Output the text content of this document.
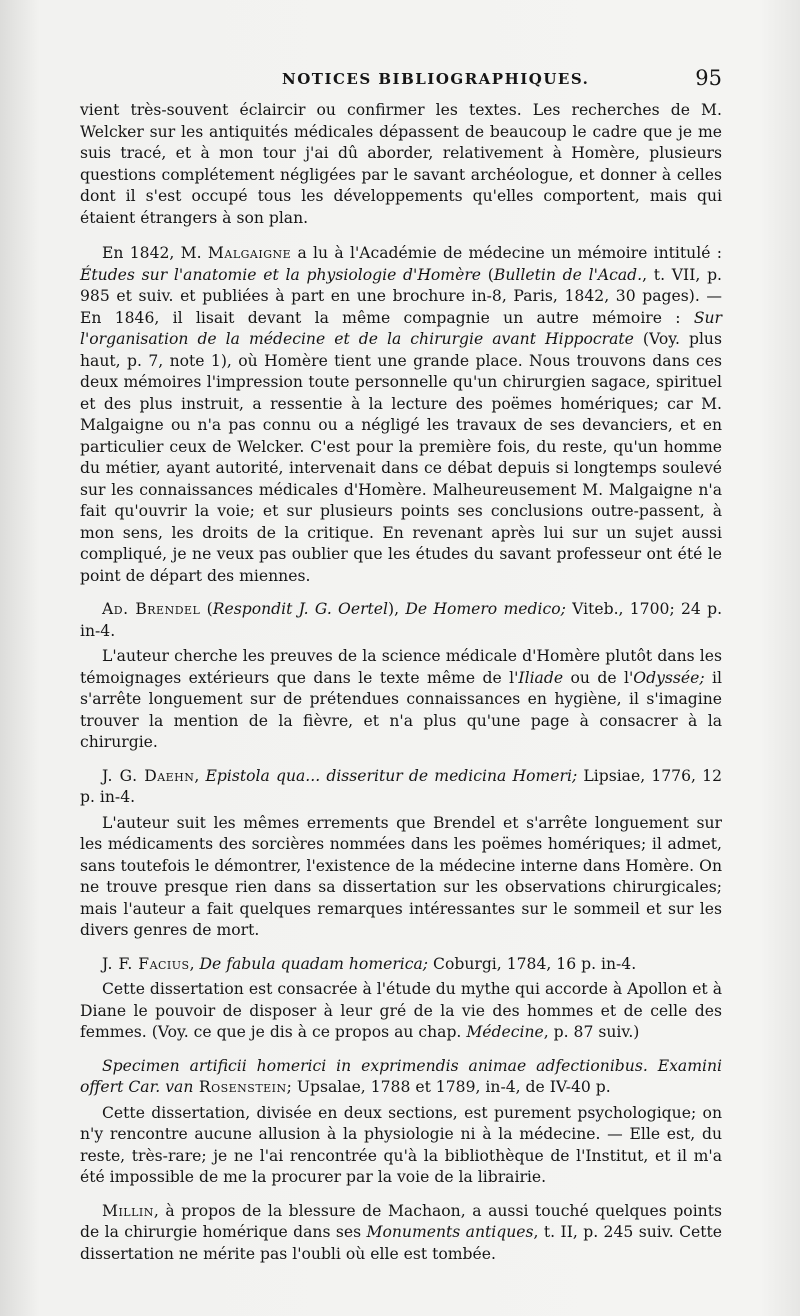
NOTICES BIBLIOGRAPHIQUES.	95

vient très-souvent éclaircir ou confirmer les textes. Les recherches de M. Welcker sur les antiquités médicales dépassent de beaucoup le cadre que je me suis tracé, et à mon tour j'ai dû aborder, relativement à Homère, plusieurs questions complétement négligées par le savant archéologue, et donner à celles dont il s'est occupé tous les développements qu'elles comportent, mais qui étaient étrangers à son plan.

En 1842, M. Malgaigne a lu à l'Académie de médecine un mémoire intitulé : Études sur l'anatomie et la physiologie d'Homère (Bulletin de l'Acad., t. VII, p. 985 et suiv. et publiées à part en une brochure in-8, Paris, 1842, 30 pages). — En 1846, il lisait devant la même compagnie un autre mémoire : Sur l'organisation de la médecine et de la chirurgie avant Hippocrate (Voy. plus haut, p. 7, note 1), où Homère tient une grande place. Nous trouvons dans ces deux mémoires l'impression toute personnelle qu'un chirurgien sagace, spirituel et des plus instruit, a ressentie à la lecture des poëmes homériques; car M. Malgaigne ou n'a pas connu ou a négligé les travaux de ses devanciers, et en particulier ceux de Welcker. C'est pour la première fois, du reste, qu'un homme du métier, ayant autorité, intervenait dans ce débat depuis si longtemps soulevé sur les connaissances médicales d'Homère. Malheureusement M. Malgaigne n'a fait qu'ouvrir la voie; et sur plusieurs points ses conclusions outre-passent, à mon sens, les droits de la critique. En revenant après lui sur un sujet aussi compliqué, je ne veux pas oublier que les études du savant professeur ont été le point de départ des miennes.

Ad. Brendel (Respondit J. G. Oertel), De Homero medico; Viteb., 1700; 24 p. in-4.

L'auteur cherche les preuves de la science médicale d'Homère plutôt dans les témoignages extérieurs que dans le texte même de l'Iliade ou de l'Odyssée; il s'arrête longuement sur de prétendues connaissances en hygiène, il s'imagine trouver la mention de la fièvre, et n'a plus qu'une page à consacrer à la chirurgie.

J. G. Daehn, Epistola qua... disseritur de medicina Homeri; Lipsiae, 1776, 12 p. in-4.

L'auteur suit les mêmes errements que Brendel et s'arrête longuement sur les médicaments des sorcières nommées dans les poëmes homériques; il admet, sans toutefois le démontrer, l'existence de la médecine interne dans Homère. On ne trouve presque rien dans sa dissertation sur les observations chirurgicales; mais l'auteur a fait quelques remarques intéressantes sur le sommeil et sur les divers genres de mort.

J. F. Facius, De fabula quadam homerica; Coburgi, 1784, 16 p. in-4.

Cette dissertation est consacrée à l'étude du mythe qui accorde à Apollon et à Diane le pouvoir de disposer à leur gré de la vie des hommes et de celle des femmes. (Voy. ce que je dis à ce propos au chap. Médecine, p. 87 suiv.)

Specimen artificii homerici in exprimendis animae adfectionibus. Examini offert Car. van Rosenstein; Upsalae, 1788 et 1789, in-4, de IV-40 p.

Cette dissertation, divisée en deux sections, est purement psychologique; on n'y rencontre aucune allusion à la physiologie ni à la médecine. — Elle est, du reste, très-rare; je ne l'ai rencontrée qu'à la bibliothèque de l'Institut, et il m'a été impossible de me la procurer par la voie de la librairie.

Millin, à propos de la blessure de Machaon, a aussi touché quelques points de la chirurgie homérique dans ses Monuments antiques, t. II, p. 245 suiv. Cette dissertation ne mérite pas l'oubli où elle est tombée.
